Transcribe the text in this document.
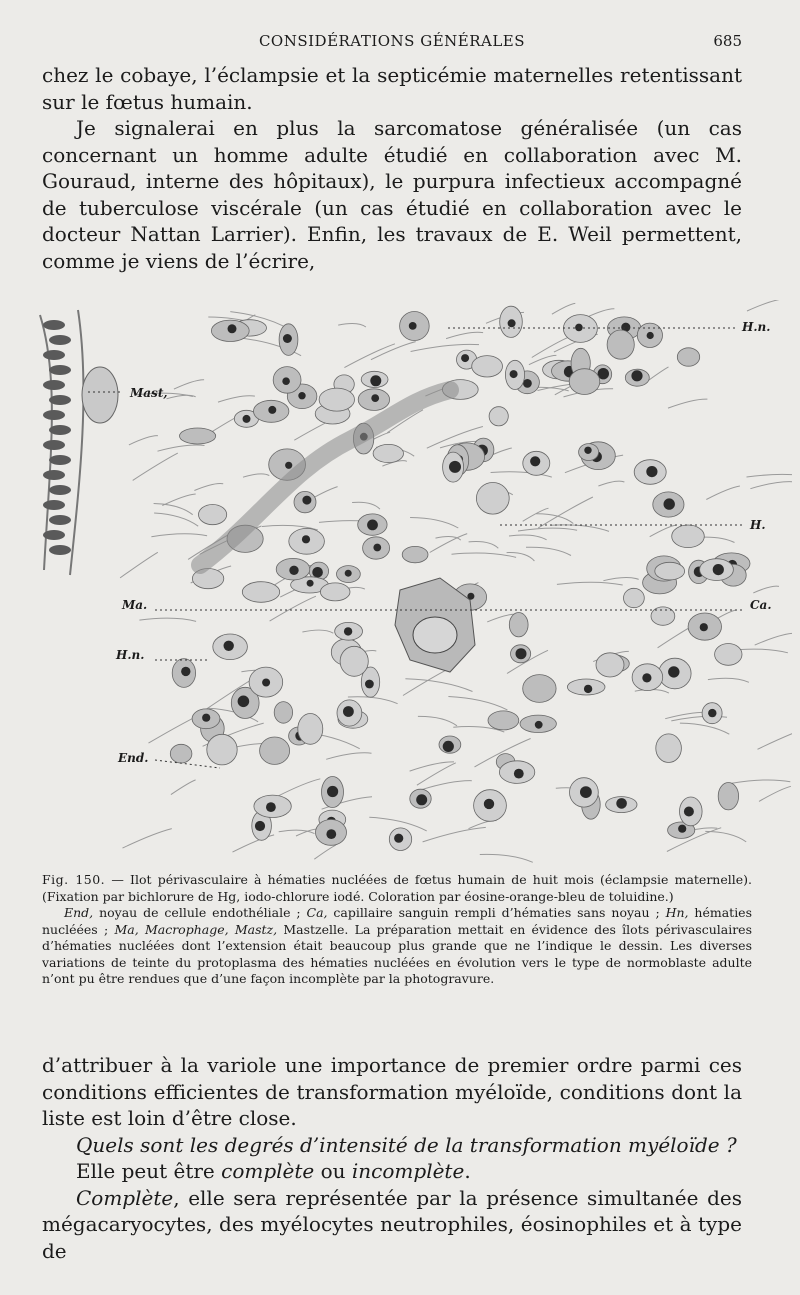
CONSIDÉRATIONS GÉNÉRALES	685

chez le cobaye, l’éclampsie et la septicémie maternelles retentissant sur le fœtus humain.

Je signalerai en plus la sarcomatose généralisée (un cas concernant un homme adulte étudié en collaboration avec M. Gouraud, interne des hôpitaux), le purpura infectieux accompagné de tuberculose viscérale (un cas étudié en collaboration avec le docteur Nattan Larrier). Enfin, les travaux de E. Weil permettent, comme je viens de l’écrire,

H.n.
Mast,
H.
Ma.	Ca.
H.n.
End.

Fig. 150. — Ilot périvasculaire à hématies nucléées de fœtus humain de huit mois (éclampsie maternelle). (Fixation par bichlorure de Hg, iodo-chlorure iodé. Coloration par éosine-orange-bleu de toluidine.)

End, noyau de cellule endothéliale ; Ca, capillaire sanguin rempli d’hématies sans noyau ; Hn, hématies nucléées ; Ma, Macrophage, Mastz, Mastzelle. La préparation mettait en évidence des îlots périvasculaires d’hématies nucléées dont l’extension était beaucoup plus grande que ne l’indique le dessin. Les diverses variations de teinte du protoplasma des hématies nucléées en évolution vers le type de normoblaste adulte n’ont pu être rendues que d’une façon incomplète par la photogravure.

d’attribuer à la variole une importance de premier ordre parmi ces conditions efficientes de transformation myéloïde, conditions dont la liste est loin d’être close.

Quels sont les degrés d’intensité de la transformation myéloïde ?

Elle peut être complète ou incomplète.

Complète, elle sera représentée par la présence simultanée des mégacaryocytes, des myélocytes neutrophiles, éosinophiles et à type de
